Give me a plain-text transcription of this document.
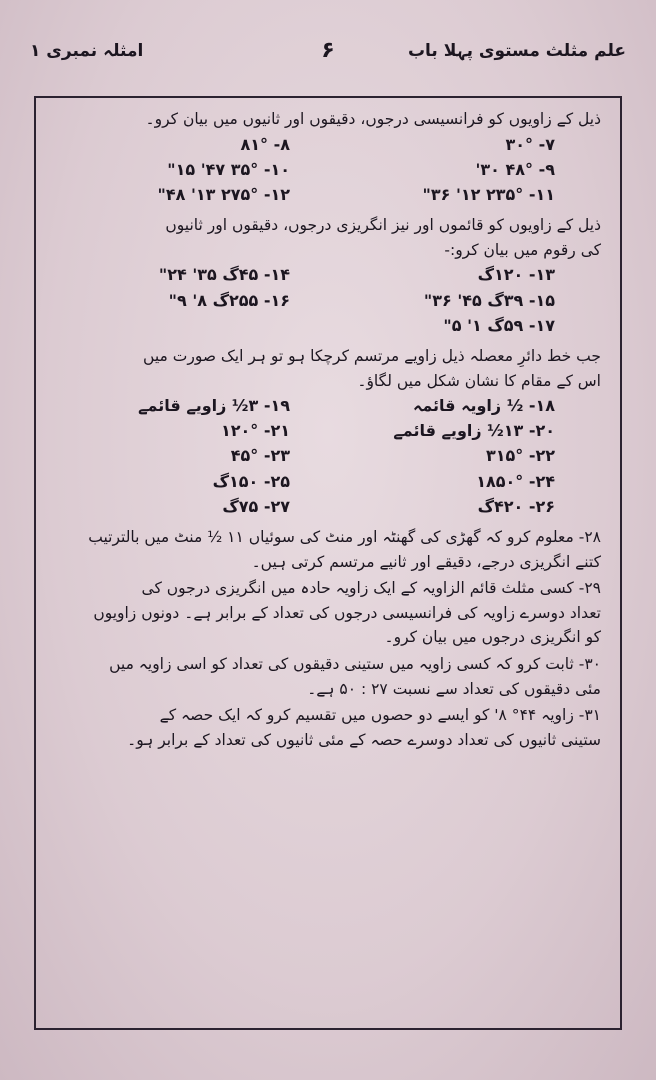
علم مثلث مستوی پہلا باب
۶
امثلہ نمبری ۱

ذیل کے زاویوں کو فرانسیسی درجوں، دقیقوں اور ثانیوں میں بیان کرو۔

۷- ۳۰°
۸- ۸۱°
۹- ۴۸° ۳۰'
۱۰- ۳۵° ۴۷' ۱۵"
۱۱- ۲۳۵° ۱۲' ۳۶"
۱۲- ۲۷۵° ۱۳' ۴۸"

ذیل کے زاویوں کو قائموں اور نیز انگریزی درجوں، دقیقوں اور ثانیوں

کی رقوم میں بیان کرو:-

۱۳- ۱۲۰گ
۱۴- ۴۵گ ۳۵' ۲۴"
۱۵- ۳۹گ ۴۵' ۳۶"
۱۶- ۲۵۵گ ۸' ۹"
۱۷- ۵۹گ ۱' ۵"

جب خط دائرِ معصلہ ذیل زاویے مرتسم کرچکا ہو تو ہر ایک صورت میں

اس کے مقام کا نشان شکل میں لگاؤ۔

۱۸- ½ زاویہ قائمہ
۱۹- ۳½ زاویے قائمے
۲۰- ۱۳½ زاویے قائمے
۲۱- ۱۲۰°
۲۲- ۳۱۵°
۲۳- ۴۵°
۲۴- ۱۸۵۰°
۲۵- ۱۵۰گ
۲۶- ۴۲۰گ
۲۷- ۷۵گ

۲۸- معلوم کرو کہ گھڑی کی گھنٹہ اور منٹ کی سوئیاں ۱۱ ½ منٹ میں بالترتیب

کتنے انگریزی درجے، دقیقے اور ثانیے مرتسم کرتی ہیں۔

۲۹- کسی مثلث قائم الزاویہ کے ایک زاویہ حادہ میں انگریزی درجوں کی

تعداد دوسرے زاویہ کی فرانسیسی درجوں کی تعداد کے برابر ہے۔ دونوں زاویوں

کو انگریزی درجوں میں بیان کرو۔

۳۰- ثابت کرو کہ کسی زاویہ میں ستینی دقیقوں کی تعداد کو اسی زاویہ میں

مئی دقیقوں کی تعداد سے نسبت ۲۷ : ۵۰ ہے۔

۳۱- زاویہ ۴۴° ۸' کو ایسے دو حصوں میں تقسیم کرو کہ ایک حصہ کے

ستینی ثانیوں کی تعداد دوسرے حصہ کے مئی ثانیوں کی تعداد کے برابر ہو۔
